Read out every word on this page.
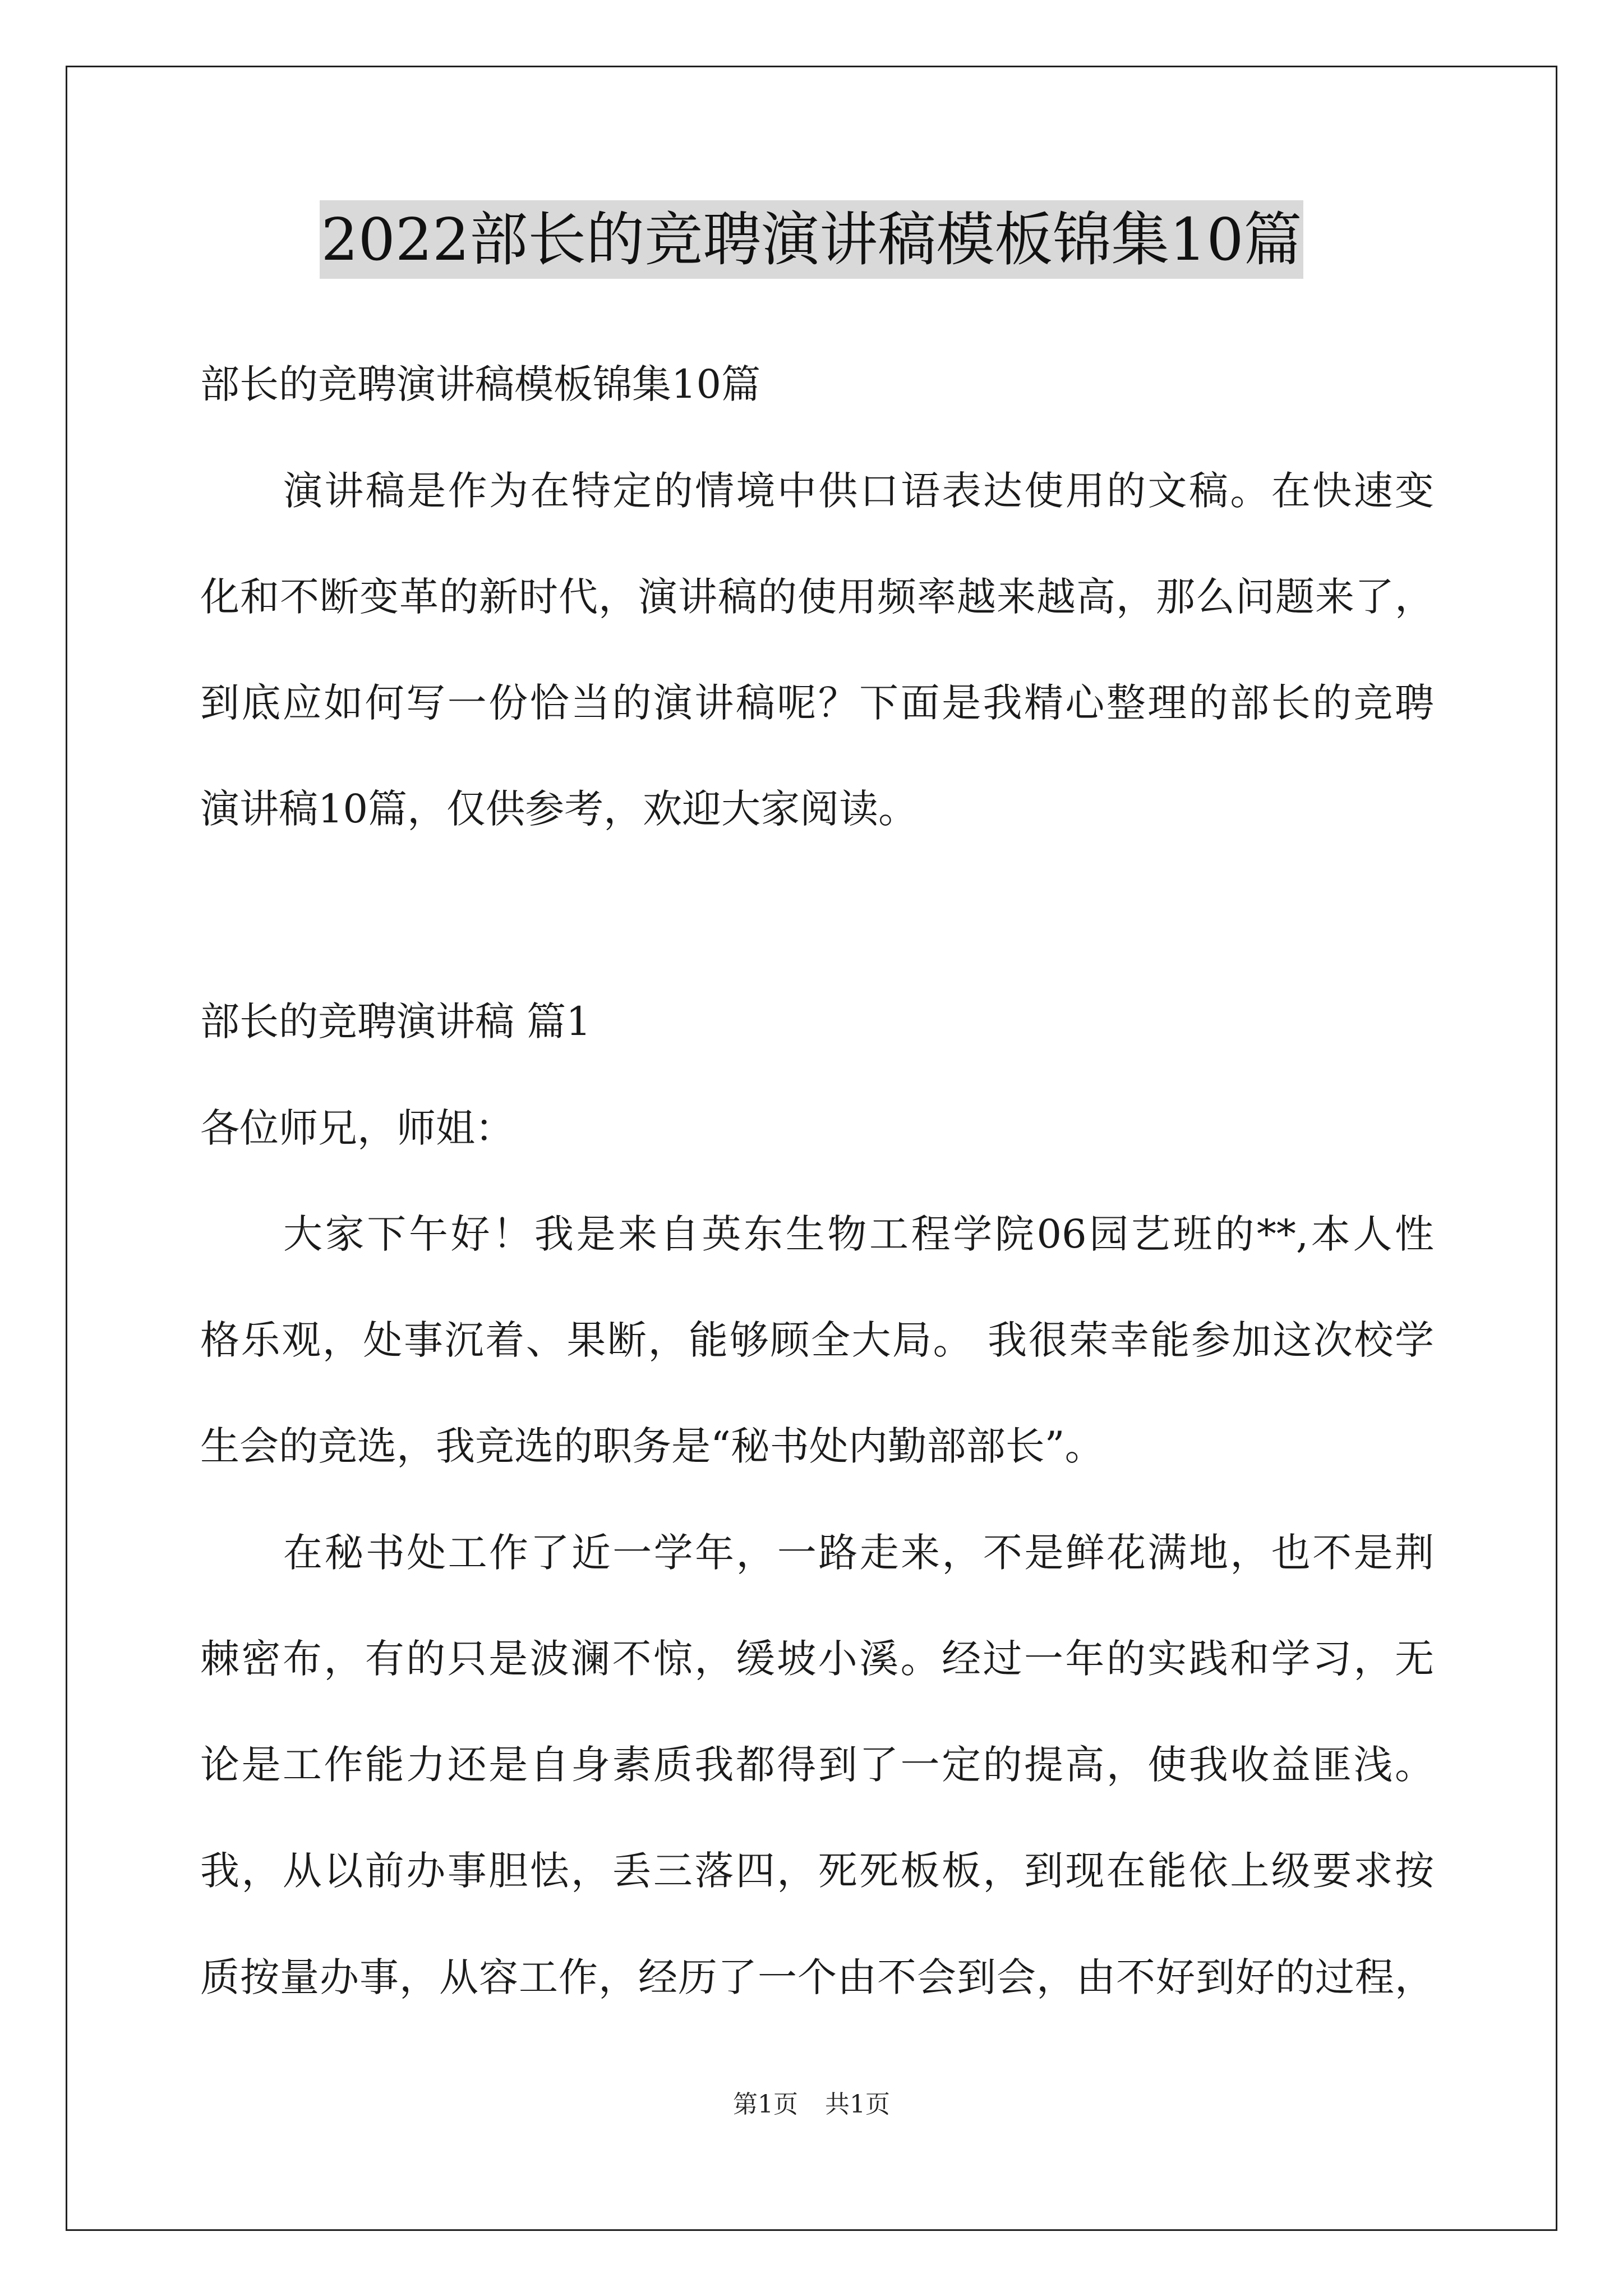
2022部长的竞聘演讲稿模板锦集10篇
部长的竞聘演讲稿模板锦集10篇
演讲稿是作为在特定的情境中供口语表达使用的文稿。在快速变
化和不断变革的新时代，演讲稿的使用频率越来越高，那么问题来了，
到底应如何写一份恰当的演讲稿呢？下面是我精心整理的部长的竞聘
演讲稿10篇，仅供参考，欢迎大家阅读。
部长的竞聘演讲稿 篇1
各位师兄，师姐：
大家下午好！我是来自英东生物工程学院06园艺班的**,本人性
格乐观，处事沉着、果断，能够顾全大局。 我很荣幸能参加这次校学
生会的竞选，我竞选的职务是“秘书处内勤部部长”。
在秘书处工作了近一学年，一路走来，不是鲜花满地，也不是荆
棘密布，有的只是波澜不惊，缓坡小溪。经过一年的实践和学习，无
论是工作能力还是自身素质我都得到了一定的提高，使我收益匪浅。
我，从以前办事胆怯，丢三落四，死死板板，到现在能依上级要求按
质按量办事，从容工作，经历了一个由不会到会，由不好到好的过程，
第1页 共1页
